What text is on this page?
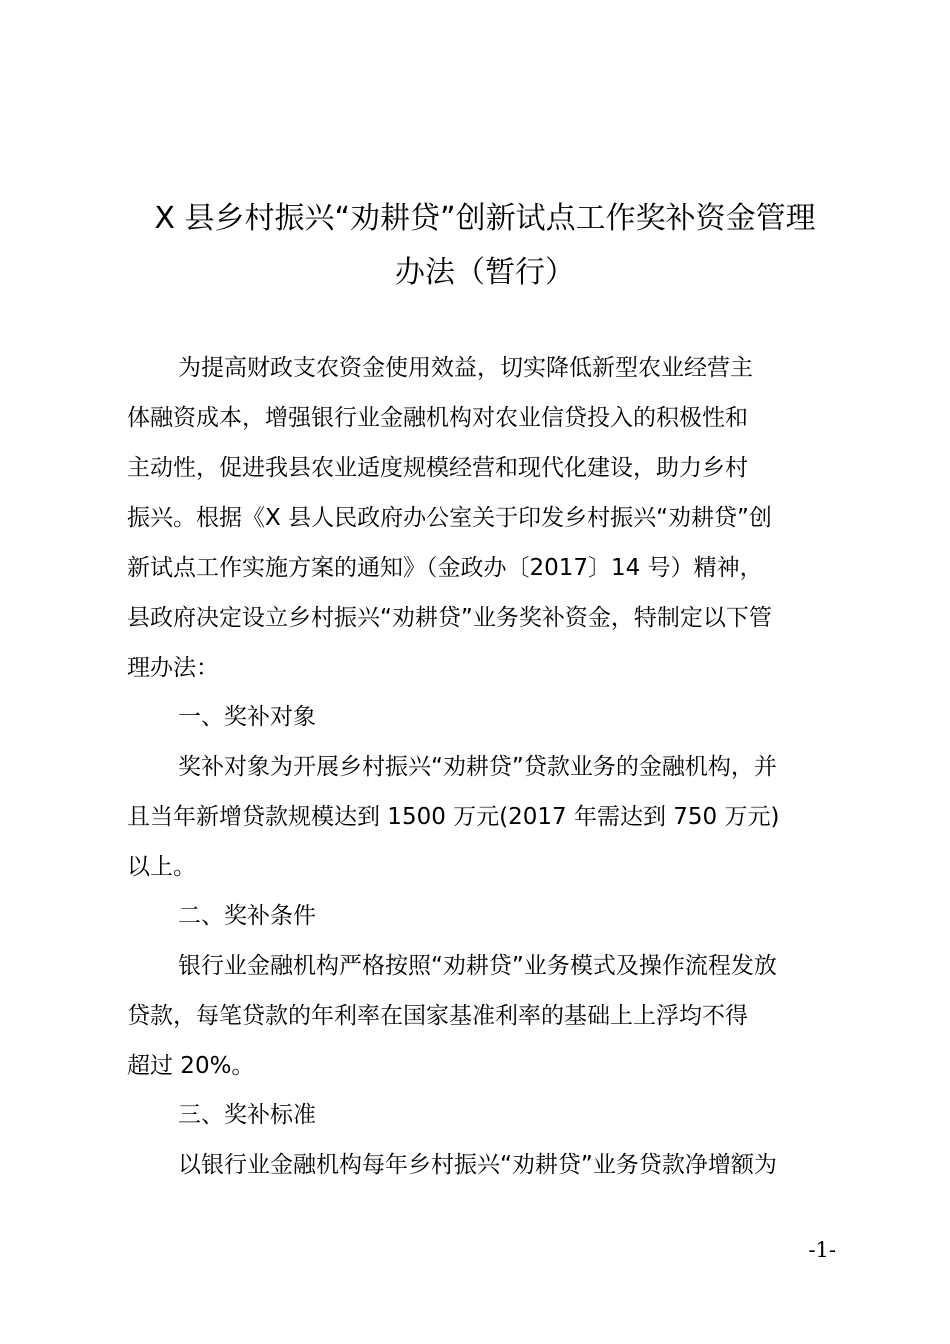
X 县乡村振兴“劝耕贷”创新试点工作奖补资金管理
办法（暂行）

为提高财政支农资金使用效益，切实降低新型农业经营主

体融资成本，增强银行业金融机构对农业信贷投入的积极性和

主动性，促进我县农业适度规模经营和现代化建设，助力乡村

振兴。根据《X 县人民政府办公室关于印发乡村振兴“劝耕贷”创

新试点工作实施方案的通知》（金政办〔2017〕14 号）精神，

县政府决定设立乡村振兴“劝耕贷”业务奖补资金，特制定以下管

理办法：

一、奖补对象

奖补对象为开展乡村振兴“劝耕贷”贷款业务的金融机构，并

且当年新增贷款规模达到 1500 万元(2017 年需达到 750 万元)

以上。

二、奖补条件

银行业金融机构严格按照“劝耕贷”业务模式及操作流程发放

贷款，每笔贷款的年利率在国家基准利率的基础上上浮均不得

超过 20%。

三、奖补标准

以银行业金融机构每年乡村振兴“劝耕贷”业务贷款净增额为

-1-
